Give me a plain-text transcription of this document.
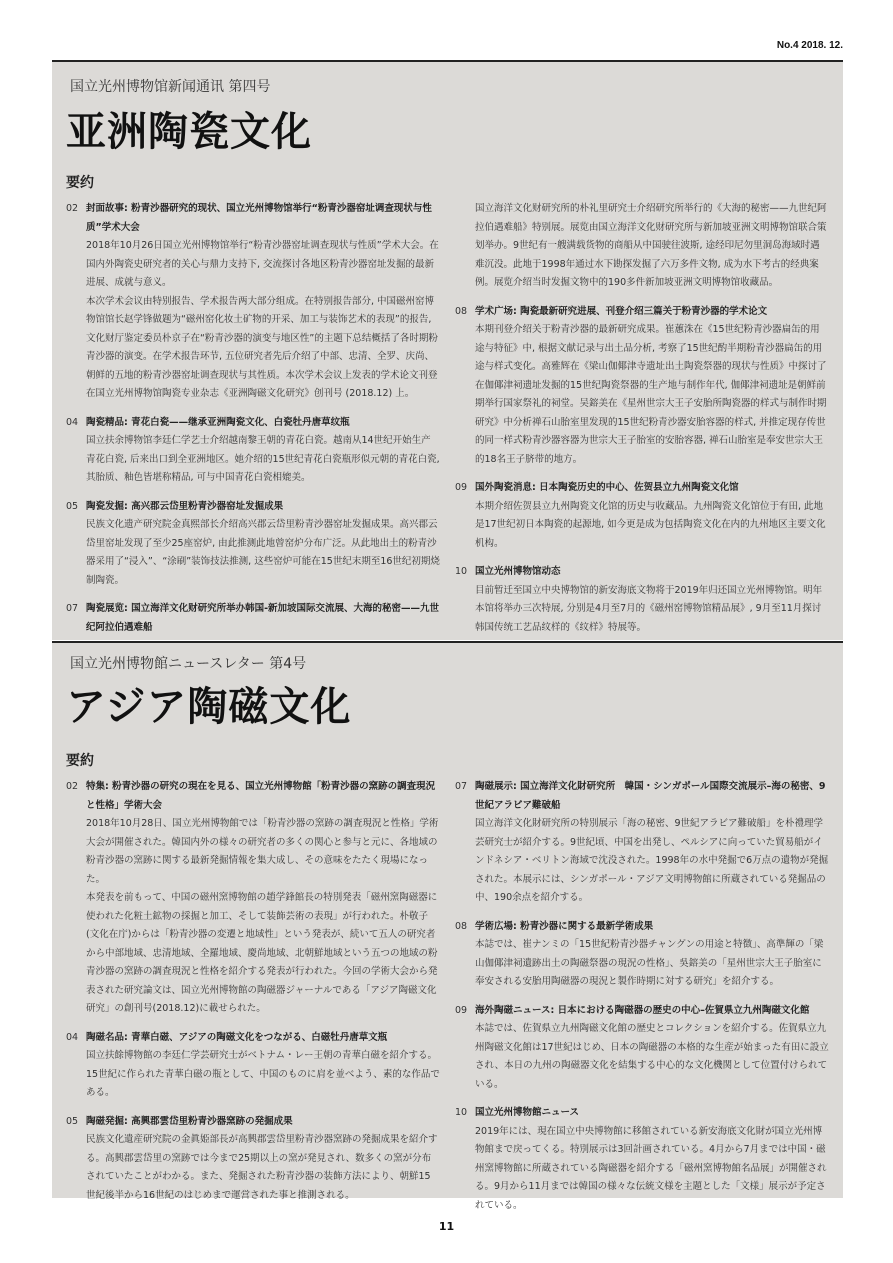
No.4 2018. 12.
国立光州博物馆新闻通讯 第四号
亚洲陶瓷文化
要约
02 封面故事: 粉青沙器研究的现状、国立光州博物馆举行“粉青沙器窑址调查现状与性质”学术大会

2018年10月26日国立光州博物馆举行“粉青沙器窑址调查现状与性质”学术大会。在国内外陶瓷史研究者的关心与鼎力支持下, 交流探讨各地区粉青沙器窑址发掘的最新进展、成就与意义。

本次学术会议由特别报告、学术报告两大部分组成。在特别报告部分, 中国磁州窑博物馆馆长赵学锋做题为“磁州窑化妆土矿物的开采、加工与装饰艺术的表现”的报告, 文化财厅鉴定委员朴京子在“粉青沙器的演变与地区性”的主题下总结概括了各时期粉青沙器的演变。在学术报告环节, 五位研究者先后介绍了中部、忠清、全罗、庆尚、朝鲜的五地的粉青沙器窑址调查现状与其性质。本次学术会议上发表的学术论文刊登在国立光州博物馆陶瓷专业杂志《亚洲陶磁文化研究》创刊号 (2018.12) 上。

04 陶瓷精品: 青花白瓷——继承亚洲陶瓷文化、白瓷牡丹唐草纹瓶

国立扶余博物馆李廷仁学艺士介绍越南黎王朝的青花白瓷。越南从14世纪开始生产青花白瓷, 后来出口到全亚洲地区。她介绍的15世纪青花白瓷瓶形似元朝的青花白瓷, 其胎质、釉色皆堪称精品, 可与中国青花白瓷相媲美。

05 陶瓷发掘: 高兴郡云岱里粉青沙器窑址发掘成果

民族文化遗产研究院金真熙部长介绍高兴郡云岱里粉青沙器窑址发掘成果。高兴郡云岱里窑址发现了至少25座窑炉, 由此推测此地曾窑炉分布广泛。从此地出土的粉青沙器采用了“浸入”、“涂刷”装饰技法推测, 这些窑炉可能在15世纪末期至16世纪初期烧制陶瓷。

07 陶瓷展览: 国立海洋文化财研究所举办韩国-新加坡国际交流展、大海的秘密——九世纪阿拉伯遇难船

国立海洋文化财研究所的朴礼里研究士介绍研究所举行的《大海的秘密——九世纪阿拉伯遇难船》特别展。展览由国立海洋文化财研究所与新加坡亚洲文明博物馆联合策划举办。9世纪有一艘满载货物的商船从中国驶往波斯, 途经印尼勿里洞岛海域时遇难沉没。此地于1998年通过水下勘探发掘了六万多件文物, 成为水下考古的经典案例。展览介绍当时发掘文物中的190多件新加坡亚洲文明博物馆收藏品。

08 学术广场: 陶瓷最新研究进展、刊登介绍三篇关于粉青沙器的学术论文

本期刊登介绍关于粉青沙器的最新研究成果。崔蕙洙在《15世纪粉青沙器扁缶的用途与特征》中, 根据文献记录与出土品分析, 考察了15世纪酌半期粉青沙器扁缶的用途与样式变化。高雅辉在《梁山伽倻津寺遗址出土陶瓷祭器的现状与性质》中探讨了在伽倻津祠遗址发掘的15世纪陶瓷祭器的生产地与制作年代, 伽倻津祠遗址是朝鲜前期举行国家祭礼的祠堂。吴鎔美在《星州世宗大王子安胎所陶瓷器的样式与制作时期研究》中分析禅石山胎室里发现的15世纪粉青沙器安胎容器的样式, 并推定现存传世的同一样式粉青沙器容器为世宗大王子胎室的安胎容器, 禅石山胎室是奉安世宗大王的18名王子脐带的地方。

09 国外陶瓷消息: 日本陶瓷历史的中心、佐贺县立九州陶瓷文化馆

本期介绍佐贺县立九州陶瓷文化馆的历史与收藏品。九州陶瓷文化馆位于有田, 此地是17世纪初日本陶瓷的起源地, 如今更是成为包括陶瓷文化在内的九州地区主要文化机构。

10 国立光州博物馆动态

目前暂迁至国立中央博物馆的新安海底文物将于2019年归还国立光州博物馆。明年本馆将举办三次特展, 分别是4月至7月的《磁州窑博物馆精品展》, 9月至11月探讨韩国传统工艺品纹样的《纹样》特展等。

国立光州博物館ニュースレター 第4号
アジア陶磁文化
要約
02 特集: 粉青沙器の研究の現在を見る、国立光州博物館「粉青沙器の窯跡の調査現況と性格」学術大会

2018年10月28日、国立光州博物館では「粉青沙器の窯跡の調査現況と性格」学術大会が開催された。韓国内外の様々の研究者の多くの関心と参与と元に、各地域の粉青沙器の窯跡に関する最新発掘情報を集大成し、その意味をたたく現場になった。

本発表を前もって、中国の磁州窯博物館の趙学鋒館長の特別発表「磁州窯陶磁器に使われた化粧土鉱物の採掘と加工、そして装飾芸術の表現」が行われた。朴敬子(文化在庁)からは「粉青沙器の変遷と地域性」という発表が、続いて五人の研究者から中部地域、忠清地域、全羅地域、慶尚地域、北朝鮮地域という五つの地域の粉青沙器の窯跡の調査現況と性格を紹介する発表が行われた。今回の学術大会から発表された研究論文は、国立光州博物館の陶磁器ジャーナルである「アジア陶磁文化研究」の創刊号(2018.12)に載せられた。

04 陶磁名品: 青華白磁、アジアの陶磁文化をつながる、白磁牡丹唐草文瓶

国立扶餘博物館の李廷仁学芸研究士がベトナム・レー王朝の青華白磁を紹介する。15世紀に作られた青華白磁の瓶として、中国のものに肩を並べよう、素的な作品である。

05 陶磁発掘: 高興郡雲岱里粉青沙器窯跡の発掘成果

民族文化遺産研究院の金眞姫部長が高興郡雲岱里粉青沙器窯跡の発掘成果を紹介する。高興郡雲岱里の窯跡では今まで25期以上の窯が発見され、数多くの窯が分布されていたことがわかる。また、発掘された粉青沙器の装飾方法により、朝鮮15世紀後半から16世紀のはじめまで運営された事と推測される。

07 陶磁展示: 国立海洋文化財研究所　韓国・シンガポール国際交流展示–海の秘密、9世紀アラビア難破船

国立海洋文化財研究所の特別展示「海の秘密、9世紀アラビア難破船」を朴禮理学芸研究士が紹介する。9世紀頃、中国を出発し、ペルシアに向っていた貿易船がインドネシア・ベリトン海域で沈没された。1998年の水中発掘で6万点の遺物が発掘された。本展示には、シンガポール・アジア文明博物館に所蔵されている発掘品の中、190余点を紹介する。

08 学術広場: 粉青沙器に関する最新学術成果

本誌では、崔ナンミの「15世紀粉青沙器チャングンの用途と特徴」、高準輝の「梁山伽倻津祠遺跡出土の陶磁祭器の現況の性格」、吳鎔美の「星州世宗大王子胎室に奉安される安胎用陶磁器の現況と製作時期に対する研究」を紹介する。

09 海外陶磁ニュース: 日本における陶磁器の歴史の中心–佐賀県立九州陶磁文化館

本誌では、佐賀県立九州陶磁文化館の歴史とコレクションを紹介する。佐賀県立九州陶磁文化館は17世紀はじめ、日本の陶磁器の本格的な生産が始まった有田に設立され、本日の九州の陶磁器文化を結集する中心的な文化機関として位置付けられている。

10 国立光州博物館ニュース

2019年には、現在国立中央博物館に移館されている新安海底文化財が国立光州博物館まで戻ってくる。特別展示は3回計画されている。4月から7月までは中国・磁州窯博物館に所蔵されている陶磁器を紹介する「磁州窯博物館名品展」が開催される。9月から11月までは韓国の様々な伝統文様を主題とした「文様」展示が予定されている。

11
